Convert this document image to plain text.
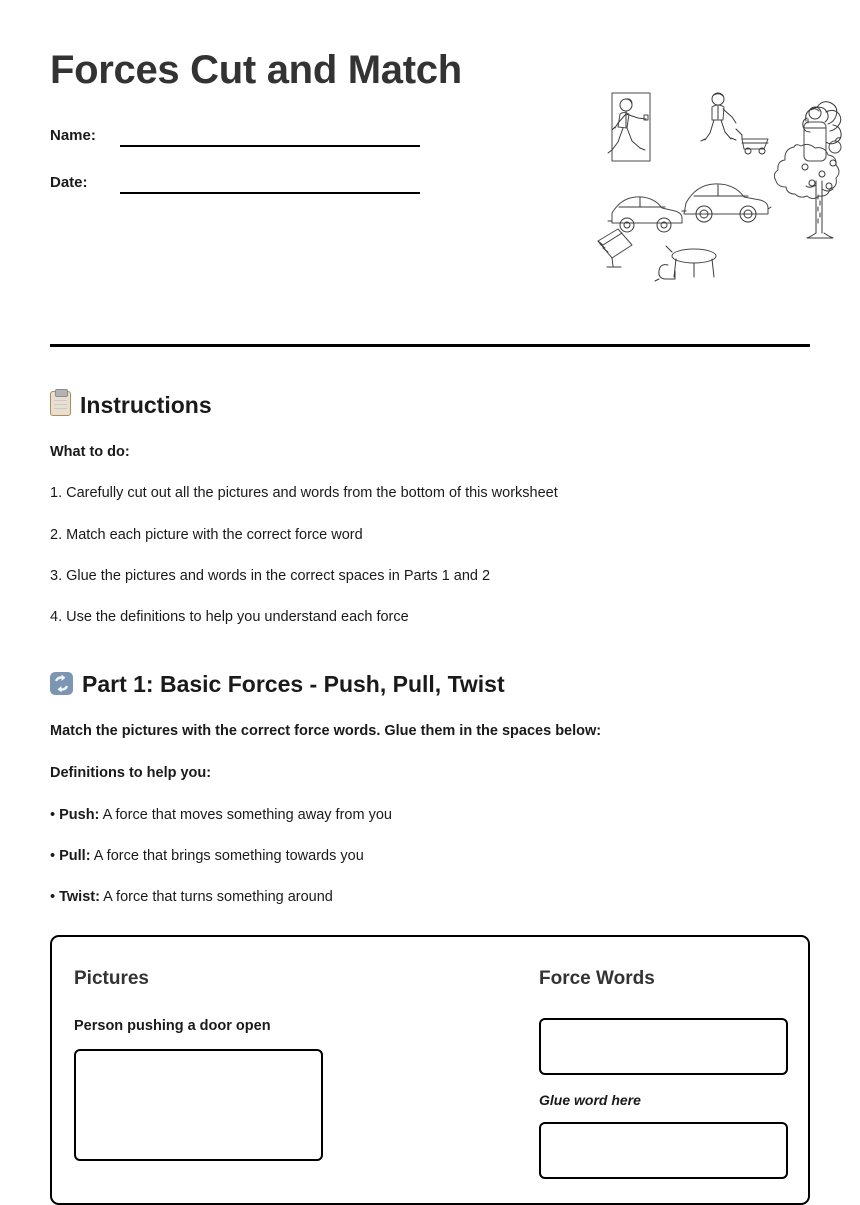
Forces Cut and Match
Name:
Date:
Instructions

What to do:

1. Carefully cut out all the pictures and words from the bottom of this worksheet

2. Match each picture with the correct force word

3. Glue the pictures and words in the correct spaces in Parts 1 and 2

4. Use the definitions to help you understand each force

Part 1: Basic Forces - Push, Pull, Twist

Match the pictures with the correct force words. Glue them in the spaces below:

Definitions to help you:

• Push: A force that moves something away from you

• Pull: A force that brings something towards you

• Twist: A force that turns something around

Pictures
Person pushing a door open
Force Words
Glue word here
